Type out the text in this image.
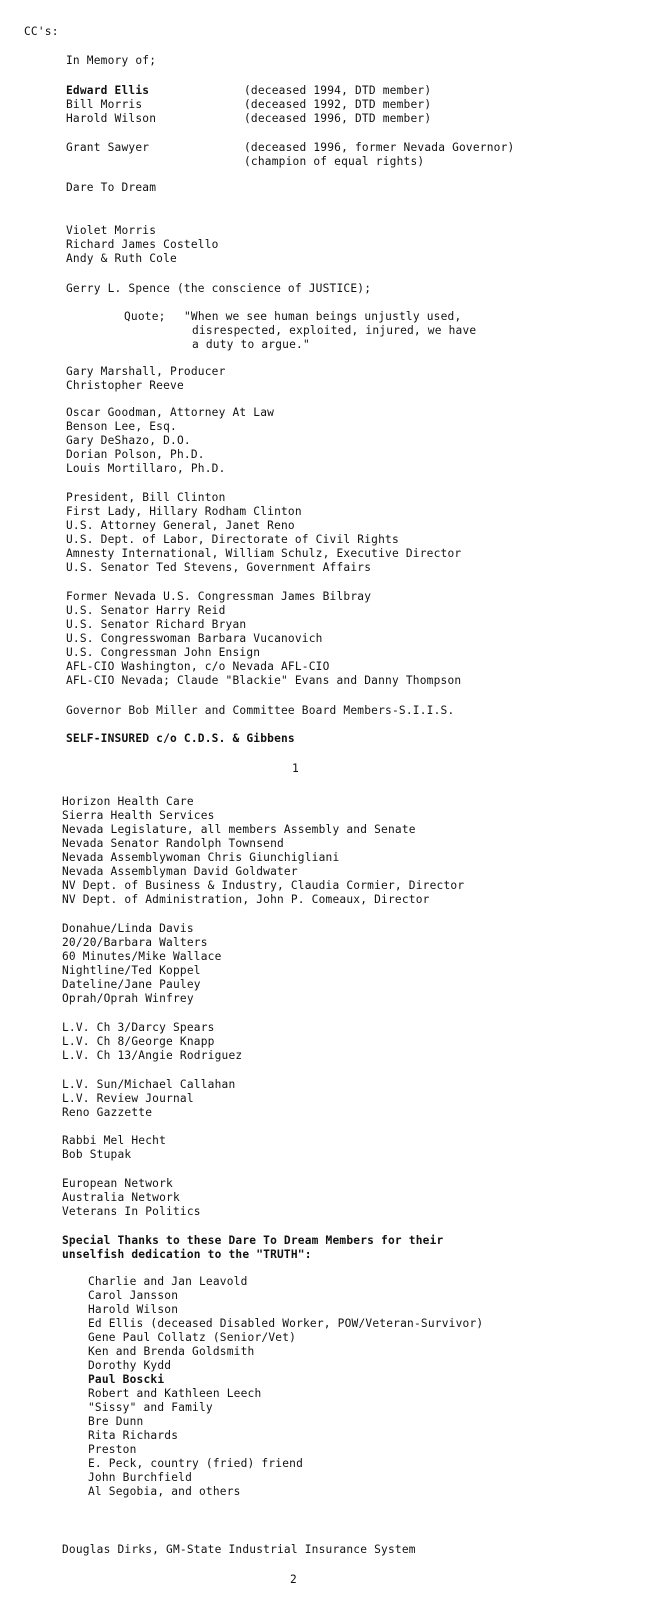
CC's:
In Memory of;
Edward Ellis	(deceased 1994, DTD member)
Bill Morris	(deceased 1992, DTD member)
Harold Wilson	(deceased 1996, DTD member)
Grant Sawyer	(deceased 1996, former Nevada Governor)
(champion of equal rights)
Dare To Dream
Violet Morris
Richard James Costello
Andy & Ruth Cole
Gerry L. Spence (the conscience of JUSTICE);
Quote; "When we see human beings unjustly used,
disrespected, exploited, injured, we have
a duty to argue."
Gary Marshall, Producer
Christopher Reeve
Oscar Goodman, Attorney At Law
Benson Lee, Esq.
Gary DeShazo, D.O.
Dorian Polson, Ph.D.
Louis Mortillaro, Ph.D.
President, Bill Clinton
First Lady, Hillary Rodham Clinton
U.S. Attorney General, Janet Reno
U.S. Dept. of Labor, Directorate of Civil Rights
Amnesty International, William Schulz, Executive Director
U.S. Senator Ted Stevens, Government Affairs
Former Nevada U.S. Congressman James Bilbray
U.S. Senator Harry Reid
U.S. Senator Richard Bryan
U.S. Congresswoman Barbara Vucanovich
U.S. Congressman John Ensign
AFL-CIO Washington, c/o Nevada AFL-CIO
AFL-CIO Nevada; Claude "Blackie" Evans and Danny Thompson
Governor Bob Miller and Committee Board Members-S.I.I.S.
SELF-INSURED c/o C.D.S. & Gibbens
1
Horizon Health Care
Sierra Health Services
Nevada Legislature, all members Assembly and Senate
Nevada Senator Randolph Townsend
Nevada Assemblywoman Chris Giunchigliani
Nevada Assemblyman David Goldwater
NV Dept. of Business & Industry, Claudia Cormier, Director
NV Dept. of Administration, John P. Comeaux, Director
Donahue/Linda Davis
20/20/Barbara Walters
60 Minutes/Mike Wallace
Nightline/Ted Koppel
Dateline/Jane Pauley
Oprah/Oprah Winfrey
L.V. Ch 3/Darcy Spears
L.V. Ch 8/George Knapp
L.V. Ch 13/Angie Rodriguez
L.V. Sun/Michael Callahan
L.V. Review Journal
Reno Gazzette
Rabbi Mel Hecht
Bob Stupak
European Network
Australia Network
Veterans In Politics
Special Thanks to these Dare To Dream Members for their
unselfish dedication to the "TRUTH":
Charlie and Jan Leavold
Carol Jansson
Harold Wilson
Ed Ellis (deceased Disabled Worker, POW/Veteran-Survivor)
Gene Paul Collatz (Senior/Vet)
Ken and Brenda Goldsmith
Dorothy Kydd
Paul Boscki
Robert and Kathleen Leech
"Sissy" and Family
Bre Dunn
Rita Richards
Preston
E. Peck, country (fried) friend
John Burchfield
Al Segobia, and others
Douglas Dirks, GM-State Industrial Insurance System
2
